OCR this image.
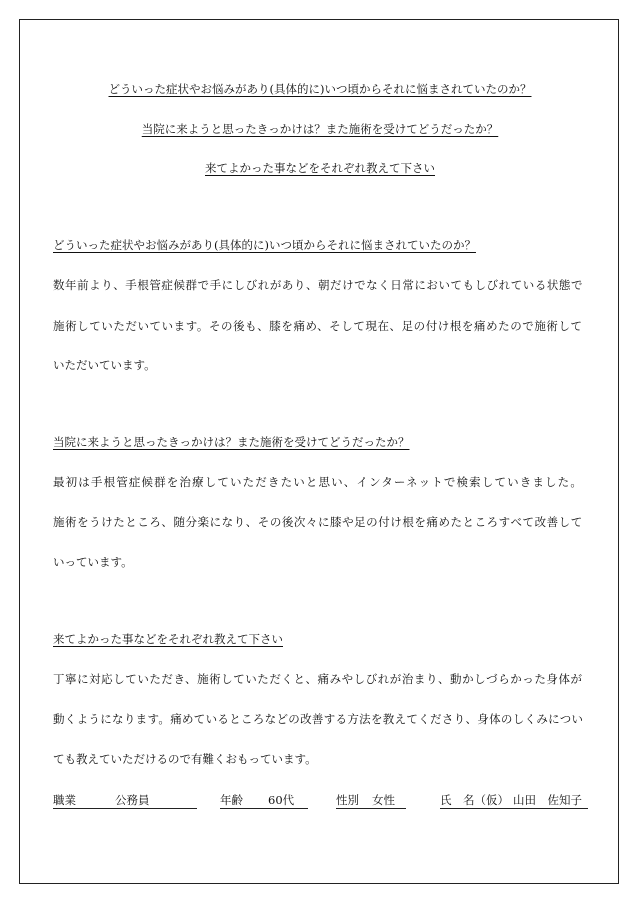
どういった症状やお悩みがあり(具体的に)いつ頃からそれに悩まされていたのか？
当院に来ようと思ったきっかけは？また施術を受けてどうだったか？
来てよかった事などをそれぞれ教えて下さい
どういった症状やお悩みがあり(具体的に)いつ頃からそれに悩まされていたのか？
数年前より、手根管症候群で手にしびれがあり、朝だけでなく日常においてもしびれている状態で
施術していただいています。その後も、膝を痛め、そして現在、足の付け根を痛めたので施術して
いただいています。
当院に来ようと思ったきっかけは？また施術を受けてどうだったか？
最初は手根管症候群を治療していただきたいと思い、インターネットで検索していきました。
施術をうけたところ、随分楽になり、その後次々に膝や足の付け根を痛めたところすべて改善して
いっています。
来てよかった事などをそれぞれ教えて下さい
丁寧に対応していただき、施術していただくと、痛みやしびれが治まり、動かしづらかった身体が
動くようになります。痛めているところなどの改善する方法を教えてくださり、身体のしくみについ
ても教えていただけるので有難くおもっています。
職業	公務員	年齢 60代	性別 女性	氏　名（仮） 山田　佐知子
